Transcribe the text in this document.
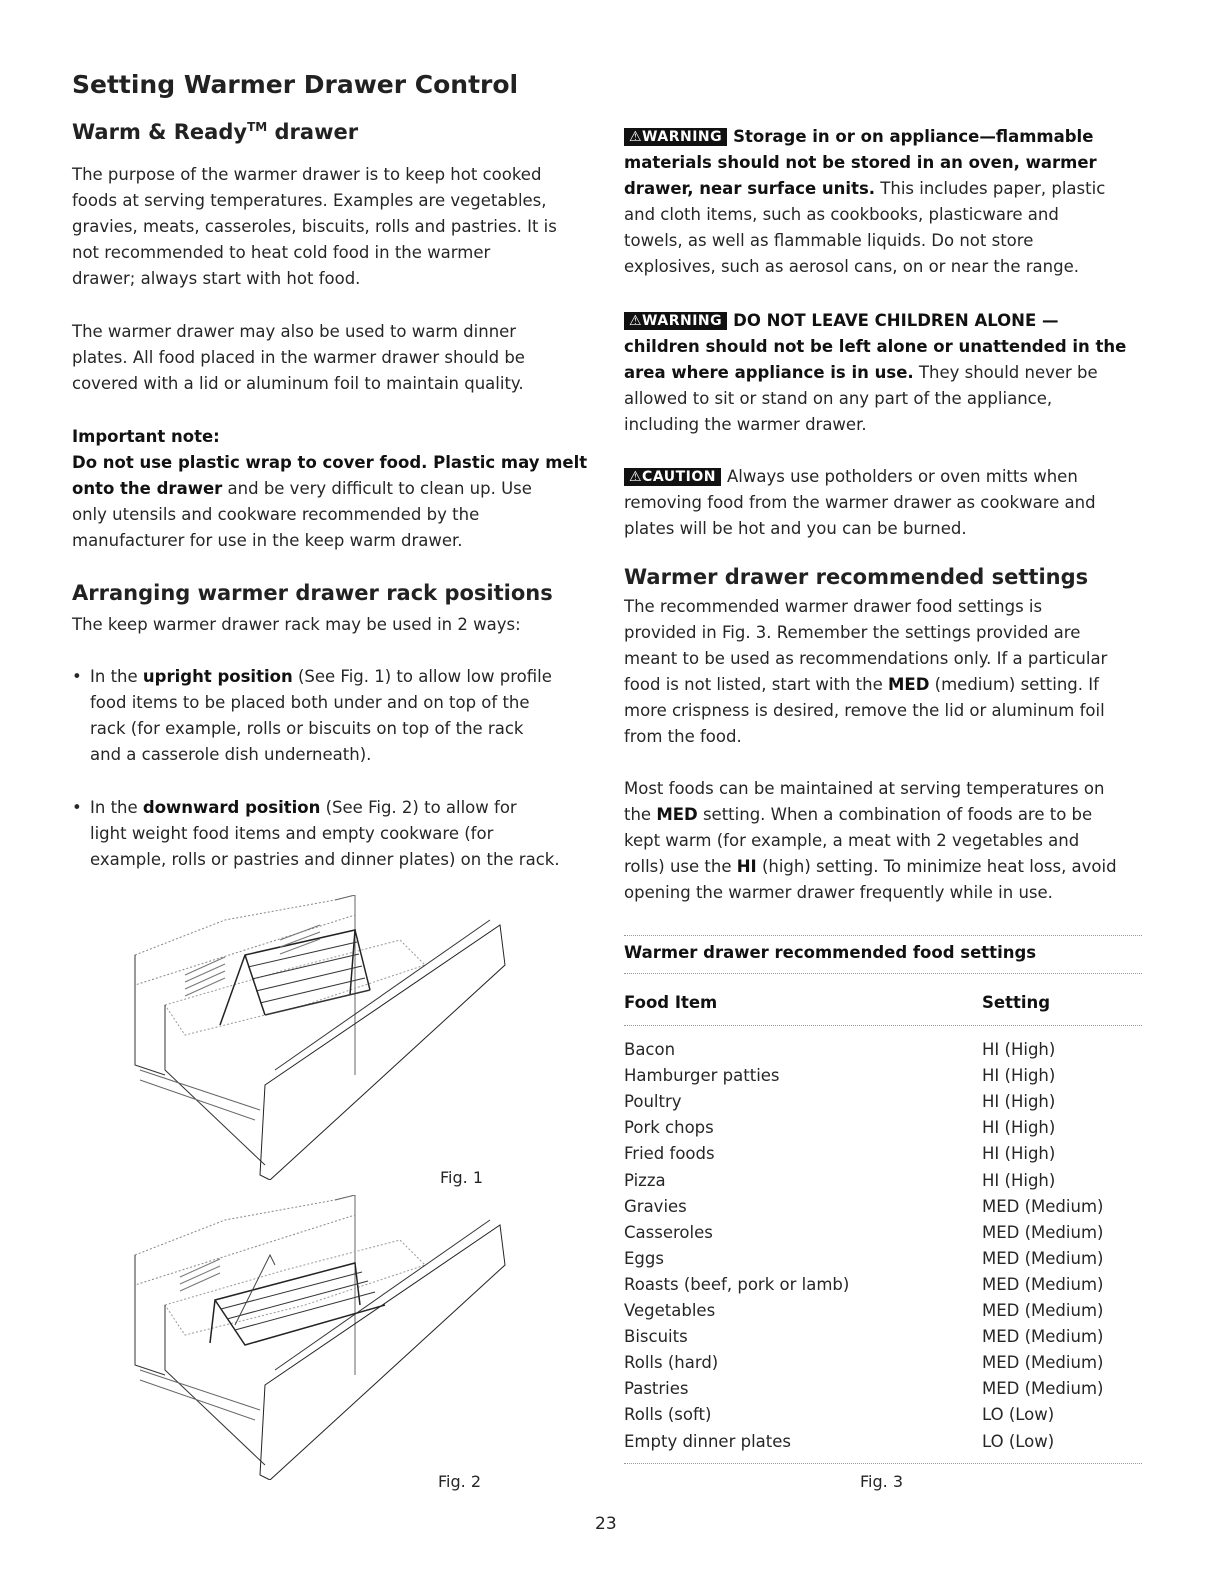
Setting Warmer Drawer Control
Warm & Ready™ drawer
The purpose of the warmer drawer is to keep hot cooked
foods at serving temperatures. Examples are vegetables,
gravies, meats, casseroles, biscuits, rolls and pastries. It is
not recommended to heat cold food in the warmer
drawer; always start with hot food.
The warmer drawer may also be used to warm dinner
plates. All food placed in the warmer drawer should be
covered with a lid or aluminum foil to maintain quality.
Important note:
Do not use plastic wrap to cover food. Plastic may melt
onto the drawer and be very difficult to clean up. Use
only utensils and cookware recommended by the
manufacturer for use in the keep warm drawer.
Arranging warmer drawer rack positions
The keep warmer drawer rack may be used in 2 ways:
• In the upright position (See Fig. 1) to allow low profile
food items to be placed both under and on top of the
rack (for example, rolls or biscuits on top of the rack
and a casserole dish underneath).
• In the downward position (See Fig. 2) to allow for
light weight food items and empty cookware (for
example, rolls or pastries and dinner plates) on the rack.
Fig. 1
Fig. 2
⚠WARNING Storage in or on appliance—flammable
materials should not be stored in an oven, warmer
drawer, near surface units. This includes paper, plastic
and cloth items, such as cookbooks, plasticware and
towels, as well as flammable liquids. Do not store
explosives, such as aerosol cans, on or near the range.
⚠WARNING DO NOT LEAVE CHILDREN ALONE —
children should not be left alone or unattended in the
area where appliance is in use. They should never be
allowed to sit or stand on any part of the appliance,
including the warmer drawer.
⚠CAUTION Always use potholders or oven mitts when
removing food from the warmer drawer as cookware and
plates will be hot and you can be burned.
Warmer drawer recommended settings
The recommended warmer drawer food settings is
provided in Fig. 3. Remember the settings provided are
meant to be used as recommendations only. If a particular
food is not listed, start with the MED (medium) setting. If
more crispness is desired, remove the lid or aluminum foil
from the food.
Most foods can be maintained at serving temperatures on
the MED setting. When a combination of foods are to be
kept warm (for example, a meat with 2 vegetables and
rolls) use the HI (high) setting. To minimize heat loss, avoid
opening the warmer drawer frequently while in use.
Warmer drawer recommended food settings
Food Item	Setting
Bacon	HI (High)
Hamburger patties	HI (High)
Poultry	HI (High)
Pork chops	HI (High)
Fried foods	HI (High)
Pizza	HI (High)
Gravies	MED (Medium)
Casseroles	MED (Medium)
Eggs	MED (Medium)
Roasts (beef, pork or lamb)	MED (Medium)
Vegetables	MED (Medium)
Biscuits	MED (Medium)
Rolls (hard)	MED (Medium)
Pastries	MED (Medium)
Rolls (soft)	LO (Low)
Empty dinner plates	LO (Low)
Fig. 3
23
